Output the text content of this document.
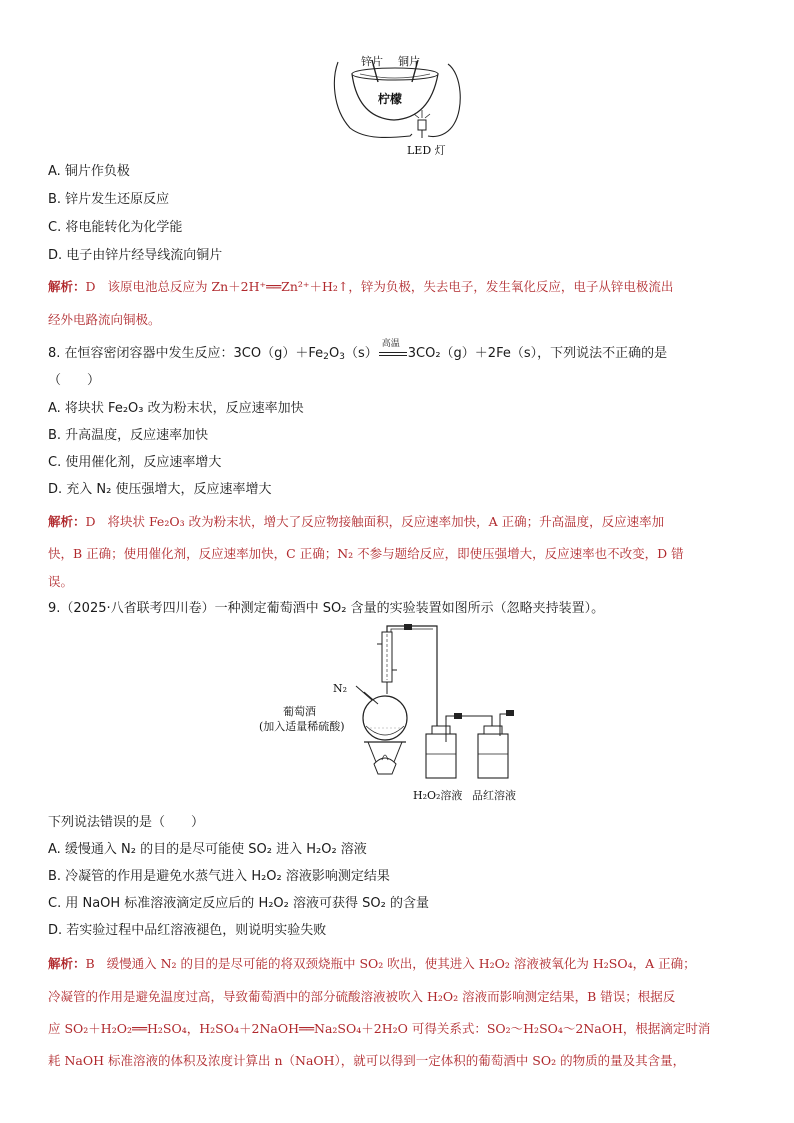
锌片 铜片
柠檬
LED 灯
A. 铜片作负极
B. 锌片发生还原反应
C. 将电能转化为化学能
D. 电子由锌片经导线流向铜片
解析：D 该原电池总反应为 Zn＋2H⁺══Zn²⁺＋H₂↑，锌为负极，失去电子，发生氧化反应，电子从锌电极流出
经外电路流向铜极。
8. 在恒容密闭容器中发生反应：$3CO(g)+Fe_2O_3(s)$
高温
3CO₂（g）＋2Fe（s），下列说法不正确的是
（　　）
A. 将块状 Fe₂O₃ 改为粉末状，反应速率加快
B. 升高温度，反应速率加快
C. 使用催化剂，反应速率增大
D. 充入 N₂ 使压强增大，反应速率增大
解析：D 将块状 Fe₂O₃ 改为粉末状，增大了反应物接触面积，反应速率加快，A 正确；升高温度，反应速率加
快，B 正确；使用催化剂，反应速率加快，C 正确；N₂ 不参与题给反应，即使压强增大，反应速率也不改变，D 错
误。
9.（2025·八省联考四川卷）一种测定葡萄酒中 SO₂ 含量的实验装置如图所示（忽略夹持装置）。
N₂
葡萄酒
(加入适量稀硫酸)
H₂O₂溶液 品红溶液
下列说法错误的是（　　）
A. 缓慢通入 N₂ 的目的是尽可能使 SO₂ 进入 H₂O₂ 溶液
B. 冷凝管的作用是避免水蒸气进入 H₂O₂ 溶液影响测定结果
C. 用 NaOH 标准溶液滴定反应后的 H₂O₂ 溶液可获得 SO₂ 的含量
D. 若实验过程中品红溶液褪色，则说明实验失败
解析：B 缓慢通入 N₂ 的目的是尽可能的将双颈烧瓶中 SO₂ 吹出，使其进入 H₂O₂ 溶液被氧化为 H₂SO₄，A 正确；
冷凝管的作用是避免温度过高，导致葡萄酒中的部分硫酸溶液被吹入 H₂O₂ 溶液而影响测定结果，B 错误；根据反
应 SO₂＋H₂O₂══H₂SO₄，H₂SO₄＋2NaOH══Na₂SO₄＋2H₂O 可得关系式：SO₂～H₂SO₄～2NaOH，根据滴定时消
耗 NaOH 标准溶液的体积及浓度计算出 n（NaOH），就可以得到一定体积的葡萄酒中 SO₂ 的物质的量及其含量，
